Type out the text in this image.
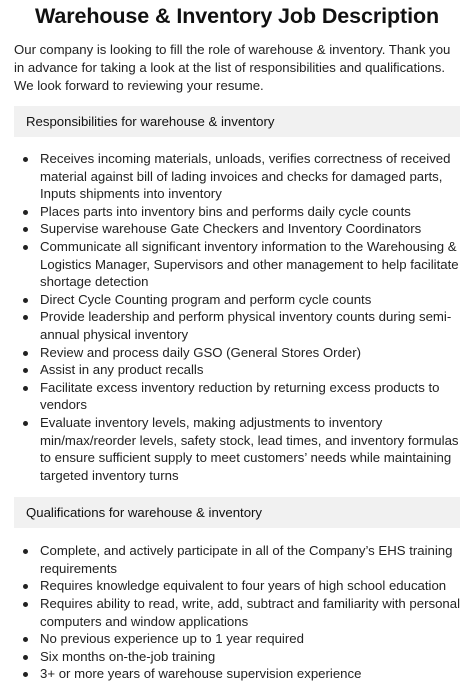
Warehouse & Inventory Job Description

Our company is looking to fill the role of warehouse & inventory. Thank you in advance for taking a look at the list of responsibilities and qualifications. We look forward to reviewing your resume.

Responsibilities for warehouse & inventory
Receives incoming materials, unloads, verifies correctness of received material against bill of lading invoices and checks for damaged parts, Inputs shipments into inventory
Places parts into inventory bins and performs daily cycle counts
Supervise warehouse Gate Checkers and Inventory Coordinators
Communicate all significant inventory information to the Warehousing & Logistics Manager, Supervisors and other management to help facilitate shortage detection
Direct Cycle Counting program and perform cycle counts
Provide leadership and perform physical inventory counts during semi-annual physical inventory
Review and process daily GSO (General Stores Order)
Assist in any product recalls
Facilitate excess inventory reduction by returning excess products to vendors
Evaluate inventory levels, making adjustments to inventory min/max/reorder levels, safety stock, lead times, and inventory formulas to ensure sufficient supply to meet customers’ needs while maintaining targeted inventory turns
Qualifications for warehouse & inventory
Complete, and actively participate in all of the Company’s EHS training requirements
Requires knowledge equivalent to four years of high school education
Requires ability to read, write, add, subtract and familiarity with personal computers and window applications
No previous experience up to 1 year required
Six months on-the-job training
3+ or more years of warehouse supervision experience
